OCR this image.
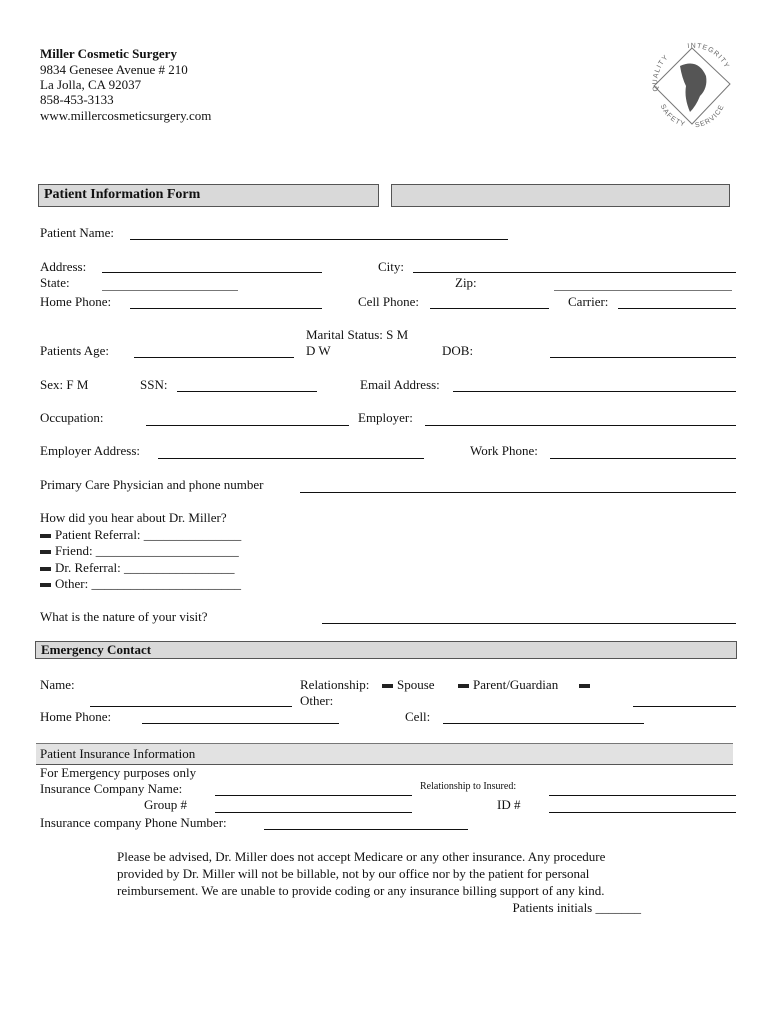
Miller Cosmetic Surgery
9834 Genesee Avenue # 210
La Jolla, CA 92037
858-453-3133
www.millercosmeticsurgery.com
QUALITY
INTEGRITY
SAFETY SERVICE
Patient Information Form
Patient Name:
Address:	City:
State:	Zip:
Home Phone:	Cell Phone:	Carrier:
Marital Status: S M
D W
Patients Age:	DOB:
Sex: F M	SSN:	Email Address:
Occupation:	Employer:
Employer Address:	Work Phone:
Primary Care Physician and phone number
How did you hear about Dr. Miller?
Patient Referral: _______________
Friend: ______________________
Dr. Referral: _________________
Other: _______________________
What is the nature of your visit?
Emergency Contact
Name:	Relationship:	Spouse	Parent/Guardian
Other:
Home Phone:	Cell:
Patient Insurance Information
For Emergency purposes only
Insurance Company Name:	Relationship to Insured:
Group #	ID #
Insurance company Phone Number:

Please be advised, Dr. Miller does not accept Medicare or any other insurance. Any procedure

provided by Dr. Miller will not be billable, not by our office nor by the patient for personal

reimbursement. We are unable to provide coding or any insurance billing support of any kind.

Patients initials _______
